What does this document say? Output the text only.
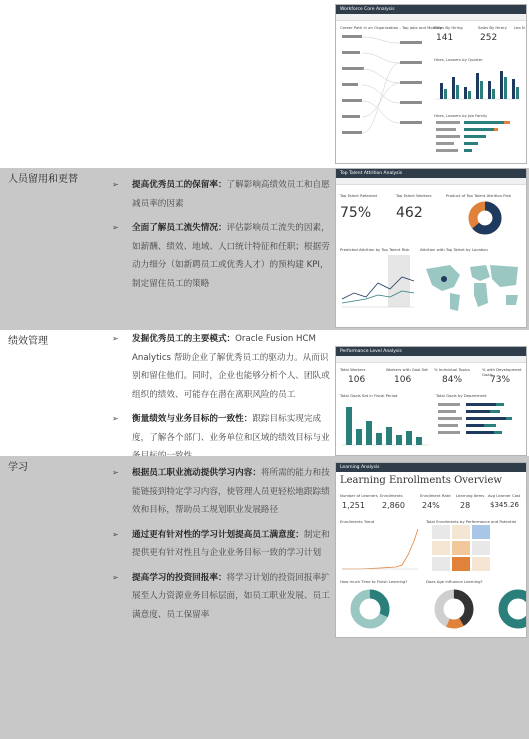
Workforce Core Analysis
Career Path in an Organization - Top Jobs and Mobility
Sales By Hiring
141
Sales By Hirery
252
Lea N
Hires, Leavers by Quarter
Hires, Leavers by Job Family
人员留用和更替	➢ 提高优秀员工的保留率：了解影响高绩效员工和自愿减员率的因素
➢ 全面了解员工流失情况：评估影响员工流失的因素，如薪酬、绩效、地域、人口统计特征和任职；根据劳动力细分（如新聘员工或优秀人才）的预构建 KPI，制定留住员工的策略
Top Talent Attrition Analysis
Top Talent Retained
75%
Top Talent Workers
462
Product of Top Talent Attrition Risk
Predicted Attrition by Top Talent Risk	Attrition with Top Talent by Location
绩效管理	➢ 发掘优秀员工的主要模式：Oracle Fusion HCM Analytics 帮助企业了解优秀员工的驱动力。从而识别和留住他们。同时，企业也能够分析个人、团队或组织的绩效、可能存在潜在离职风险的员工
➢ 衡量绩效与业务目标的一致性：跟踪目标实现完成度，了解各个部门、业务单位和区域的绩效目标与业
Performance Level Analysis
Total Workers
106
Workers with Goal Set
106
% Individual Topics
84%
% with Development Goals
73%
Total Goals Set in Fiscal Period	Total Goals by Department
学习	➢ 根据员工职业流动提供学习内容：将所需的能力和技能链接到特定学习内容，使管理人员更轻松地跟踪绩效和目标，帮助员工规划职业发展路径
➢ 通过更有针对性的学习计划提高员工满意度：制定和提供更有针对性且与企业业务目标一致的学习计划
➢ 提高学习的投资回报率：将学习计划的投资回报率扩展至人力资源业务目标层面，如员工职业发展、员工满意度、员工保留率
Learning Analysis
Learning Enrollments Overview
Number of Learners
1,251
Enrollments
2,860
Enrollment Rate
24%
Learning Items
28
Avg Learner Cost
$345.26
Enrollments Trend	Total Enrollments by Performance and Potential
How much Time to Finish Learning?	Does Age Influence Learning?
